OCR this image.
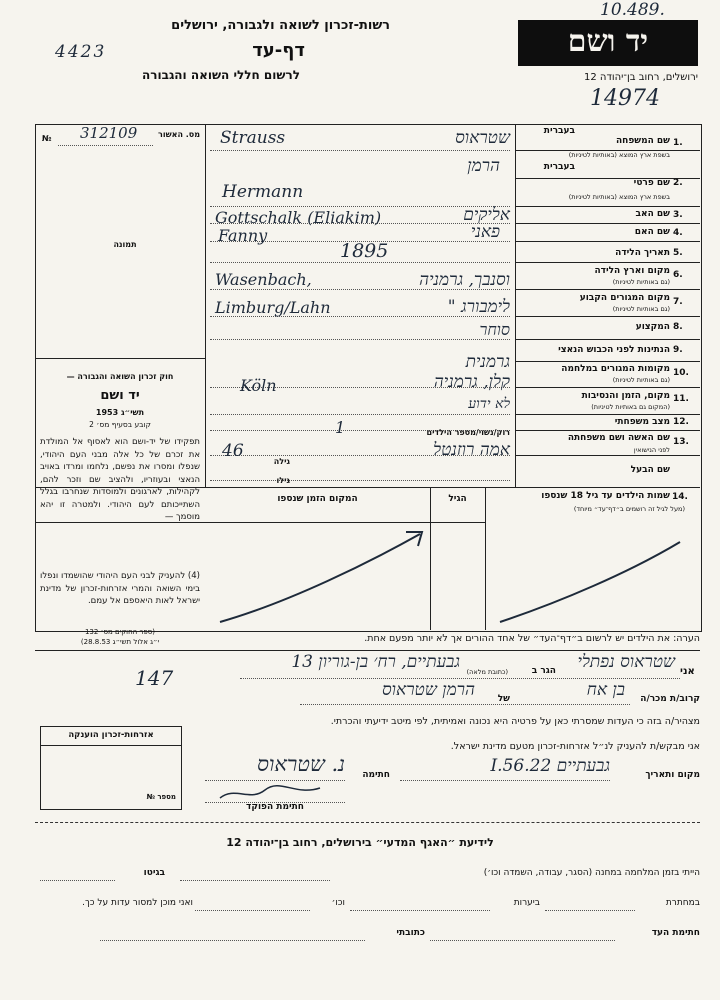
10.489.
רשות-זכרון לשואה ולגבורה, ירושלים
דף-עד
4423
לרשום חללי השואה והגבורה
יד ושם
ירושלים, רחוב בן־יהודה 12
14974
מס. האשור
312109
№
תמונה
חוק זכרון השואה והגבורה —
יד ושם
תשי״ג 1953
קובע בסעיף מס׳ 2
תפקידו של יד-ושם הוא לאסוף אל המולדת את זכרם של כל אלה מבני העם היהודי, שנפלו ומסרו את נפשם, נלחמו ומרדו באויב הנאצי ובעוזריו, ולהציב שם וזכר להם, לקהילות, לארגונים ולמוסדות שנחרבו בגלל השתייכותם לעם היהודי. ולמטרה זו יהא מוסמך —
(4) להעניק לבני העם היהודי שהושמדו ונפלו בימי השואה והמרי אזרחות-זכרון של מדינת ישראל לאות היאספם אל עמם.
(ספר החוקים מס׳ 132
י״ג אלול תשי״ג 28.8.53)
1.
שם המשפחה
בשפת ארץ המוצא (באותיות לטיניות)
בעברית
שטראוס
Strauss
2.
שם פרטי
בשפת ארץ המוצא (באותיות לטיניות)
בעברית
הרמן
Hermann
3.
שם האב
אליקים
Gottschalk (Eliakim)
4.
שם האם
פאני
Fanny
5.
תאריך הלידה
1895
6.
מקום וארץ הלידה
(גם באותיות לטיניות)
וסנבך, גרמניה
Wasenbach,
7.
מקום המגורים הקבוע
(גם באותיות לטיניות)
לימבורג "
Limburg/Lahn
8.
המקצוע
סוחר
9.
הנתינות לפני הכבוש הנאצי
גרמנית
10.
מקומות המגורים במלחמה
(גם באותיות לטיניות)
קלן, גרמניה
Köln
11.
מקום, הזמן והנסיבות
(המקום גם באותיות לטיניות)
לא ידוע
12.
מצב משפחתי
רוק/נשוי/מספר הילדים
1
13.
שם האשה ושם משפחתה
לפני הנישואין
אמה רוזנטל
גילה
46
שם הבעל
גילו
14.
שמות הילדים עד גיל 18 שנספו
(מעל לגיל זה רושמים ב״דף־עד״ מיוחד)
הגיל
המקום הזמן שנספו
הערה: את הילדים יש לרשום ב״דף־העד״ של אחד ההורים אך לא יותר מפעם אחת.
אני
שטראוס נפתלי
הגר ב
(כתובת מלאה)
גבעתיים, רח׳ בן-גוריון 13
147
קרוב/ת מכר/ה
בן אח
של
הרמן שטראוס
מצהיר/ה בזה כי העדות שמסרתי כאן על פרטיה היא נכונה ואמיתית, לפי מיטב ידיעתי והכרתי.
אני מבקש/ת להעניק לנ״ל אזרחות-זכרון מטעם מדינת ישראל.
מקום ותאריך
גבעתיים 22.I.56
חתימה
נ. שטראוס
חתימת הפוקד
אזרחות-זכרון הוענקה
מספר №
לידיעת ״האגף המדעי״ בירושלים, רחוב בן־יהודה 12
הייתי בזמן המלחמה במחנה (הסגר, עבודה, השמדה וכו׳)
בגיטו
במחתרת
ביערות
וכו׳
ואני מוכן למסור עדות על כך.
חתימת העד
כתובתי
